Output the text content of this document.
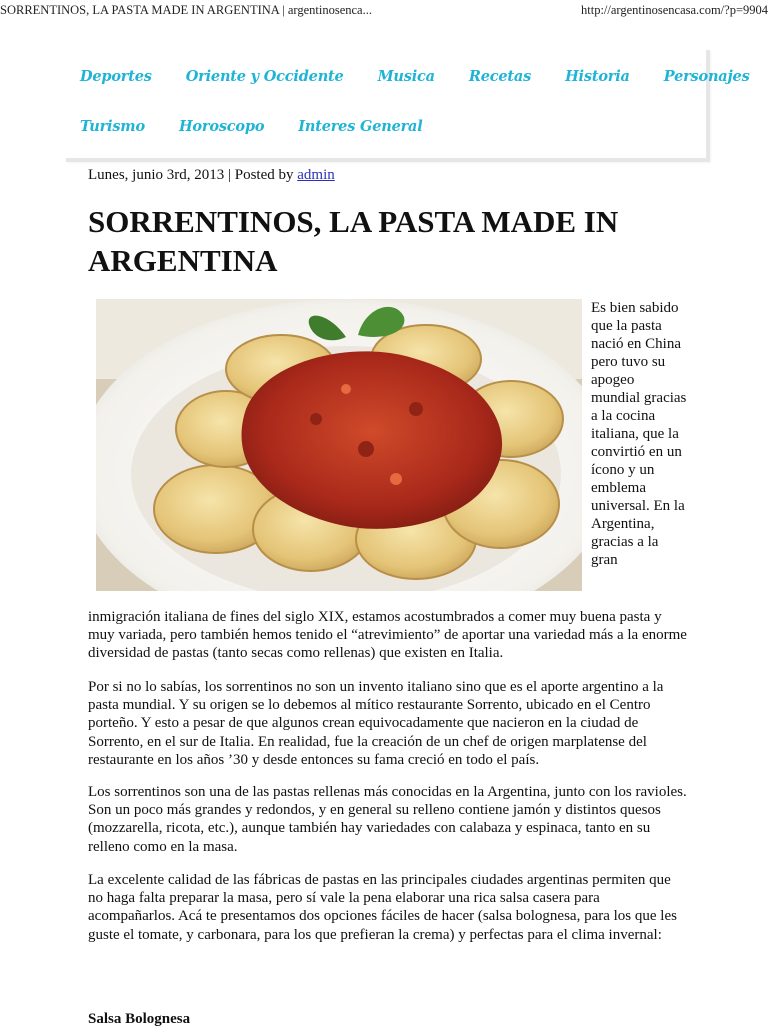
SORRENTINOS, LA PASTA MADE IN ARGENTINA | argentinosenca...	http://argentinosencasa.com/?p=9904
Deportes Oriente y Occidente Musica Recetas Historia Personajes
Turismo Horoscopo Interes General
Lunes, junio 3rd, 2013 | Posted by admin
SORRENTINOS, LA PASTA MADE IN ARGENTINA
Es bien sabido que la pasta nació en China pero tuvo su apogeo mundial gracias a la cocina italiana, que la convirtió en un ícono y un emblema universal. En la Argentina, gracias a la gran

inmigración italiana de fines del siglo XIX, estamos acostumbrados a comer muy buena pasta y muy variada, pero también hemos tenido el “atrevimiento” de aportar una variedad más a la enorme diversidad de pastas (tanto secas como rellenas) que existen en Italia.

Por si no lo sabías, los sorrentinos no son un invento italiano sino que es el aporte argentino a la pasta mundial. Y su origen se lo debemos al mítico restaurante Sorrento, ubicado en el Centro porteño. Y esto a pesar de que algunos crean equivocadamente que nacieron en la ciudad de Sorrento, en el sur de Italia. En realidad, fue la creación de un chef de origen marplatense del restaurante en los años ’30 y desde entonces su fama creció en todo el país.

Los sorrentinos son una de las pastas rellenas más conocidas en la Argentina, junto con los ravioles. Son un poco más grandes y redondos, y en general su relleno contiene jamón y distintos quesos (mozzarella, ricota, etc.), aunque también hay variedades con calabaza y espinaca, tanto en su relleno como en la masa.

La excelente calidad de las fábricas de pastas en las principales ciudades argentinas permiten que no haga falta preparar la masa, pero sí vale la pena elaborar una rica salsa casera para acompañarlos. Acá te presentamos dos opciones fáciles de hacer (salsa bolognesa, para los que les guste el tomate, y carbonara, para los que prefieran la crema) y perfectas para el clima invernal:

Salsa Bolognesa
